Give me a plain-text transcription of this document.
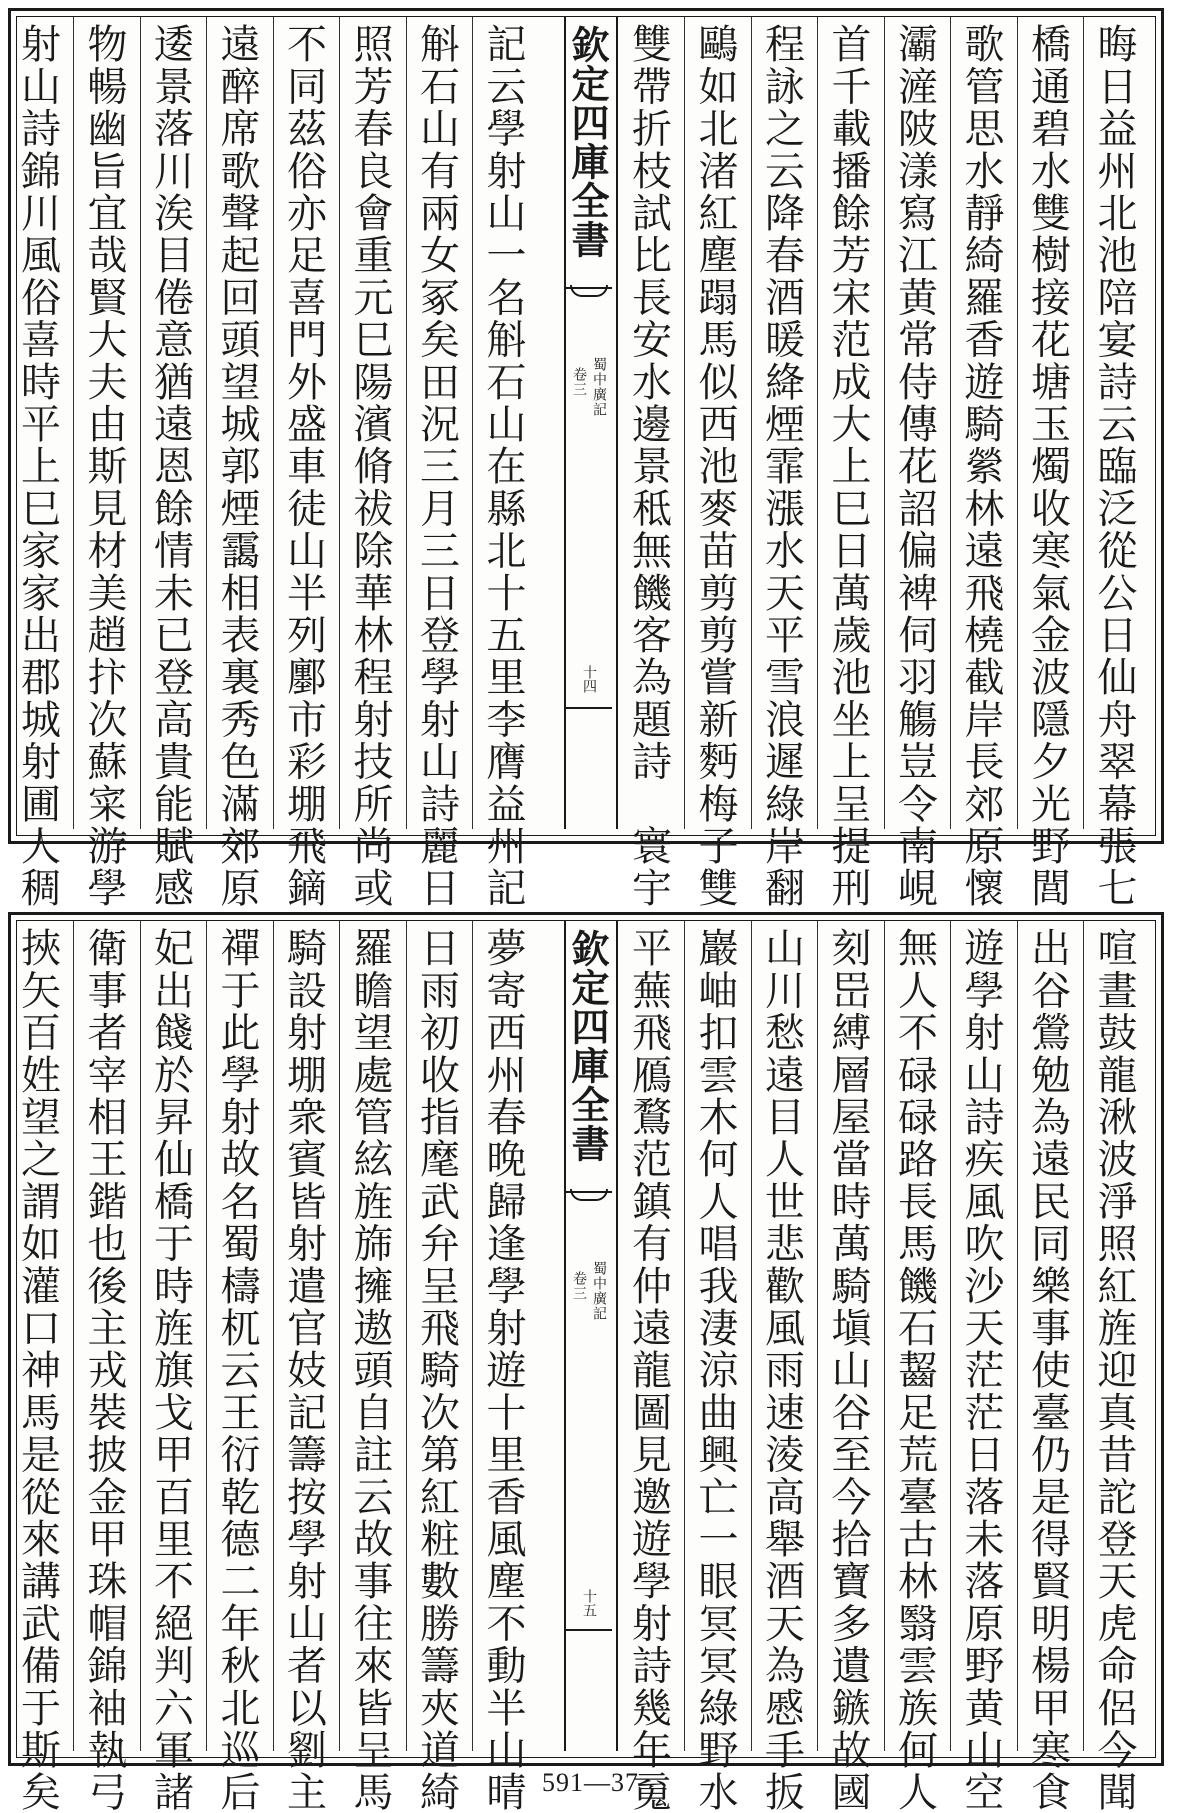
欽定四庫全書
蜀中廣記
卷三
十四	晦日益州北池陪宴詩云臨泛從公日仙舟翠幕張七
橋通碧水雙樹接花塘玉燭收寒氣金波隱夕光野閭
歌管思水靜綺羅香遊騎縈林遠飛橈截岸長郊原懷
灞滻陂漾寫江黄常侍傳花詔偏裨伺羽觴豈令南峴
首千載播餘芳宋范成大上巳日萬歲池坐上呈提刑
程詠之云降春酒暖絳煙霏漲水天平雪浪遲綠岸翻
鷗如北渚紅塵蹋馬似西池麥苗剪剪嘗新麪梅子雙
雙帶折枝試比長安水邊景秪無饑客為題詩　寰宇
記云學射山一名斛石山在縣北十五里李膺益州記
斛石山有兩女冢矣田況三月三日登學射山詩麗日
照芳春良會重元巳陽濱脩祓除華林程射技所尚或
不同茲俗亦足喜門外盛車徒山半列鄽市彩堋飛鏑
遠醉席歌聲起回頭望城郭煙靄相表裏秀色滿郊原
逶景落川涘目倦意猶遠恩餘情未已登高貴能賦感
物暢幽旨宜哉賢大夫由斯見材美趙抃次蘇寀游學
射山詩錦川風俗喜時平上巳家家出郡城射圃人稠
欽定四庫全書
蜀中廣記
卷三
十五	喧晝鼓龍湫波淨照紅旌迎真昔詑登天虎命侶今聞
出谷鶯勉為遠民同樂事使臺仍是得賢明楊甲寒食
遊學射山詩疾風吹沙天茫茫日落未落原野黄山空
無人不碌碌路長馬饑石齧足荒臺古林翳雲族何人
刻岊縛層屋當時萬騎塡山谷至今拾寶多遺鏃故國
山川愁遠目人世悲歡風雨速淩高舉酒天為慼手扳
巖岫扣雲木何人唱我淒涼曲興亡一眼冥冥綠野水
平蕪飛鴈鶩范鎮有仲遠龍圖見邀遊學射詩幾年䰟
夢寄西州春晚歸逢學射遊十里香風塵不動半山晴
日雨初收指麾武弁呈飛騎次第紅粧數勝籌夾道綺
羅瞻望處管絃旌旆擁遨頭自註云故事往來皆呈馬
騎設射堋衆賓皆射遣官妓記籌按學射山者以劉主
禪于此學射故名蜀檮杌云王衍乾德二年秋北巡后
妃出餞於昇仙橋于時旌旗戈甲百里不絕判六軍諸
衛事者宰相王鍇也後主戎裝披金甲珠帽錦袖執弓
挾矢百姓望之謂如灌口神馬是從來講武備于斯矣	591—37
